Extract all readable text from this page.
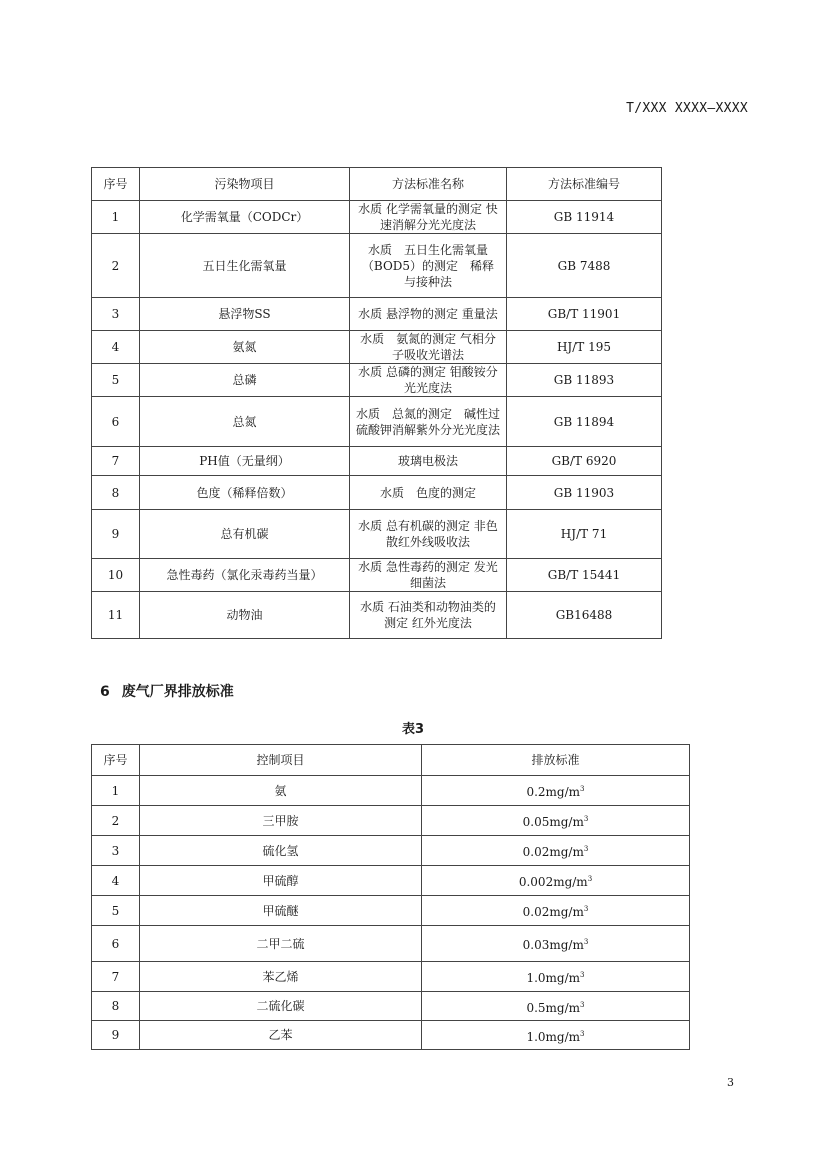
T/XXX XXXX—XXXX
序号	污染物项目	方法标准名称	方法标准编号
1	化学需氧量（CODCr）	水质 化学需氧量的测定 快速消解分光光度法	GB 11914
2	五日生化需氧量	水质　五日生化需氧量（BOD5）的测定　稀释与接种法	GB 7488
3	悬浮物SS	水质 悬浮物的测定 重量法	GB/T 11901
4	氨氮	水质　氨氮的测定 气相分子吸收光谱法	HJ/T 195
5	总磷	水质 总磷的测定 钼酸铵分光光度法	GB 11893
6	总氮	水质　总氮的测定　碱性过硫酸钾消解紫外分光光度法	GB 11894
7	PH值（无量纲）	玻璃电极法	GB/T 6920
8	色度（稀释倍数）	水质　色度的测定	GB 11903
9	总有机碳	水质 总有机碳的测定 非色散红外线吸收法	HJ/T 71
10	急性毒药（氯化汞毒药当量）	水质 急性毒药的测定 发光细菌法	GB/T 15441
11	动物油	水质 石油类和动物油类的测定 红外光度法	GB16488
6 废气厂界排放标准
表3
序号	控制项目	排放标准
1	氨	$0.2mg/m^3$
2	三甲胺	$0.05mg/m^3$
3	硫化氢	$0.02mg/m^3$
4	甲硫醇	$0.002mg/m^3$
5	甲硫醚	$0.02mg/m^3$
6	二甲二硫	$0.03mg/m^3$
7	苯乙烯	$1.0mg/m^3$
8	二硫化碳	$0.5mg/m^3$
9	乙苯	$1.0mg/m^3$
3
